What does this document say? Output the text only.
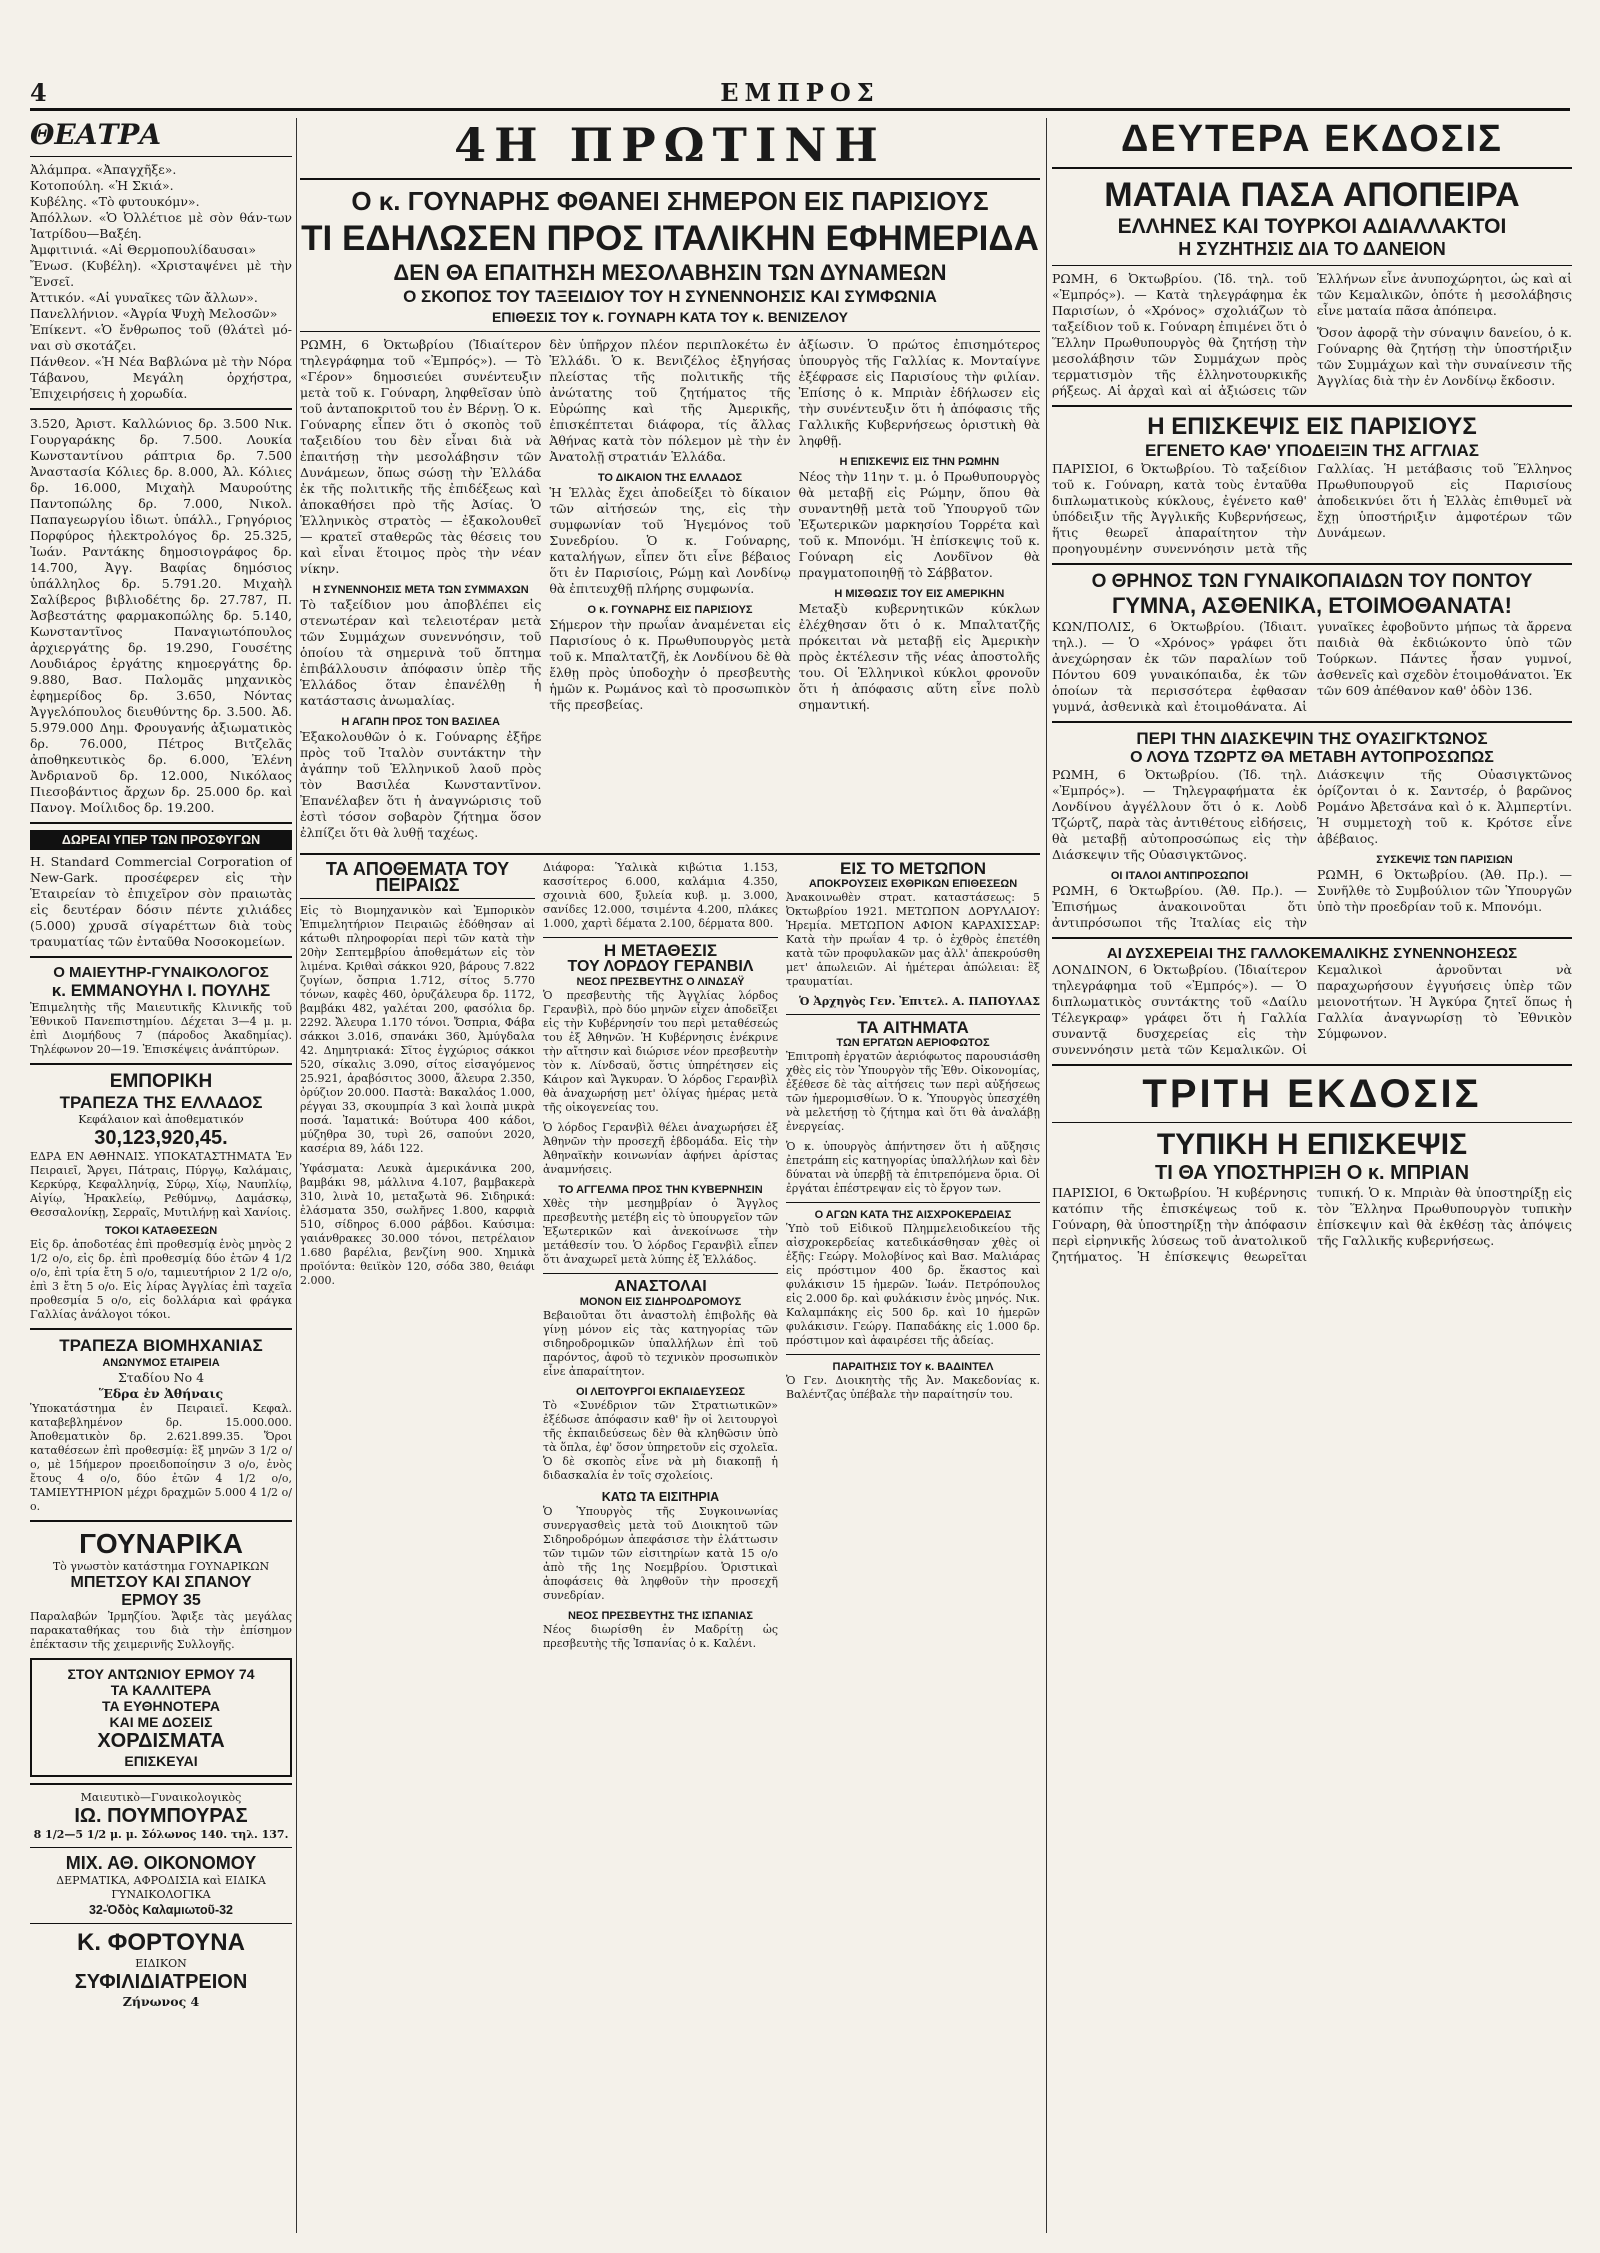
4	ΕΜΠΡΟΣ
ΘΕΑΤΡΑ
Ἀλάμπρα. «Ἀπαγχῆξε».
Κοτοπούλη. «Ἡ Σκιά».
Κυβέλης. «Τὸ φυτουκόμν».
Ἀπόλλων. «Ὁ Ὀλλέτιοε μὲ σὸν θάν-των Ἰατρίδου—Βαξέη.
Ἀμφιτινιά. «Αἱ Θερμοπουλίδαυσαι»
Ἔνωσ. (Κυβέλη). «Χρισταψένει μὲ τὴν Ἔνσεῖ.
Ἀττικόν. «Αἱ γυναῖκες τῶν ἄλλων».
Πανελλήνιον. «Ἀγρία Ψυχὴ Μελοσῶν»
Ἐπίκεντ. «Ὁ ἔνθρωπος τοῦ (θλάτεὶ μό-ναι σὺ σκοτάζει.
Πάνθεον. «Ἡ Νέα Βαβλώνα μὲ τὴν Νόρα Τάβανου, Μεγάλη ὀρχήστρα, Ἐπιχειρήσεις ἡ χορωδία.
3.520, Ἀριστ. Καλλώνιος δρ. 3.500 Νικ. Γουργαράκης δρ. 7.500. Λουκία Κωνσταντίνου ράπτρια δρ. 7.500 Ἀναστασία Κόλιες δρ. 8.000, Ἀλ. Κόλιες δρ. 16.000, Μιχαὴλ Μαυρούτης Παντοπώλης δρ. 7.000, Νικολ. Παπαγεωργίου ἰδιωτ. ὑπάλλ., Γρηγόριος Πορφύρος ἠλεκτρολόγος δρ. 25.325, Ἰωάν. Ραντάκης δημοσιογράφος δρ. 14.700, Ἀγγ. Βαφίας δημόσιος ὑπάλληλος δρ. 5.791.20. Μιχαὴλ Σαλίβερος βιβλιοδέτης δρ. 27.787, Π. Ἀσβεστάτης φαρμακοπώλης δρ. 5.140, Κωνσταντῖνος Παναγιωτόπουλος ἀρχιεργάτης δρ. 19.290, Γουσέτης Λουδιάρος ἐργάτης κημοεργάτης δρ. 9.880, Βασ. Παλομᾶς μηχανικὸς ἐφημερίδος δρ. 3.650, Νόντας Ἀγγελόπουλος διευθύντης δρ. 3.500. Ἀδ. 5.979.000 Δημ. Φρουγανής ἀξιωματικὸς δρ. 76.000, Πέτρος Βιτζελᾶς ἀποθηκευτικὸς δρ. 6.000, Ἐλένη Ἀνδριανοῦ δρ. 12.000, Νικόλαος Πιεσοβάντιος ἄρχων δρ. 25.000 δρ. καὶ Πανογ. Μοίλιδος δρ. 19.200.
ΔΩΡΕΑΙ ΥΠΕΡ ΤΩΝ ΠΡΟΣΦΥΓΩΝ
Η. Standard Commercial Corporation of New-Gark. προσέφερεν εἰς τὴν Ἑταιρείαν τὸ ἐπιχεῖρον σὸν πραιωτὰς εἰς δευτέραν δόσιν πέντε χιλιάδες (5.000) χρυσᾶ σίγαρέττων διὰ τοὺς τραυματίας τῶν ἐνταῦθα Νοσοκομείων.
Ο ΜΑΙΕΥΤΗΡ-ΓΥΝΑΙΚΟΛΟΓΟΣ
κ. ΕΜΜΑΝΟΥΗΛ Ι. ΠΟΥΛΗΣ
Ἐπιμελητὴς τῆς Μαιευτικῆς Κλινικῆς τοῦ Ἐθνικοῦ Πανεπιστημίου. Δέχεται 3—4 μ. μ. ἐπὶ Διομήδους 7 (πάροδος Ἀκαδημίας). Τηλέφωνον 20—19. Ἐπισκέψεις ἀνάπτύρων.
ΕΜΠΟΡΙΚΗ
ΤΡΑΠΕΖΑ ΤΗΣ ΕΛΛΑΔΟΣ
Κεφάλαιον καὶ ἀποθεματικόν
30,123,920,45.
ΕΔΡΑ ΕΝ ΑΘΗΝΑΙΣ. ΥΠΟΚΑΤΑΣΤΗΜΑΤΑ Ἐν Πειραιεῖ, Ἄργει, Πάτραις, Πύργῳ, Καλάμαις, Κερκύρᾳ, Κεφαλληνίᾳ, Σύρῳ, Χίῳ, Ναυπλίῳ, Αἰγίῳ, Ἡρακλείῳ, Ρεθύμνῳ, Δαμάσκῳ, Θεσσαλονίκῃ, Σερραῖς, Μυτιλήνῃ καὶ Χανίοις.
ΤΟΚΟΙ ΚΑΤΑΘΕΣΕΩΝ
Εἰς δρ. ἀποδοτέας ἐπὶ προθεσμίᾳ ἑνὸς μηνὸς 2 1/2 ο/ο, εἰς δρ. ἐπὶ προθεσμίᾳ δύο ἐτῶν 4 1/2 ο/ο, ἐπὶ τρία ἔτη 5 ο/ο, ταμιευτήριον 2 1/2 ο/ο, ἐπὶ 3 ἔτη 5 ο/ο. Εἰς λίρας Ἀγγλίας ἐπὶ ταχεῖα προθεσμία 5 ο/ο, εἰς δολλάρια καὶ φράγκα Γαλλίας ἀνάλογοι τόκοι.
ΤΡΑΠΕΖΑ ΒΙΟΜΗΧΑΝΙΑΣ
ΑΝΩΝΥΜΟΣ ΕΤΑΙΡΕΙΑ
Σταδίου Νο 4
Ἕδρα ἐν Ἀθήναις
Ὑποκατάστημα ἐν Πειραιεῖ. Κεφαλ. καταβεβλημένον δρ. 15.000.000. Ἀποθεματικὸν δρ. 2.621.899.35. Ὅροι καταθέσεων ἐπὶ προθεσμίᾳ: ἓξ μηνῶν 3 1/2 ο/ο, μὲ 15ήμερον προειδοποίησιν 3 ο/ο, ἑνὸς ἔτους 4 ο/ο, δύο ἐτῶν 4 1/2 ο/ο, ΤΑΜΙΕΥΤΗΡΙΟΝ μέχρι δραχμῶν 5.000 4 1/2 ο/ο.
ΓΟΥΝΑΡΙΚΑ
Τὸ γνωστὸν κατάστημα ΓΟΥΝΑΡΙΚΩΝ
ΜΠΕΤΣΟΥ ΚΑΙ ΣΠΑΝΟΥ
ΕΡΜΟΥ 35
Παραλαβών Ἰρμηζίου. Ἄφιξε τὰς μεγάλας παρακαταθήκας του διὰ τὴν ἐπίσημον ἐπέκτασιν τῆς χειμερινῆς Συλλογῆς.
ΣΤΟΥ ΑΝΤΩΝΙΟΥ ΕΡΜΟΥ 74
ΤΑ ΚΑΛΛΙΤΕΡΑ
ΤΑ ΕΥΘΗΝΟΤΕΡΑ
ΚΑΙ ΜΕ ΔΟΣΕΙΣ
ΧΟΡΔΙΣΜΑΤΑ
ΕΠΙΣΚΕΥΑΙ
Μαιευτικὸ—Γυναικολογικὸς
ΙΩ. ΠΟΥΜΠΟΥΡΑΣ
8 1/2—5 1/2 μ. μ. Σόλωνος 140. τηλ. 137.
ΜΙΧ. ΑΘ. ΟΙΚΟΝΟΜΟΥ
ΔΕΡΜΑΤΙΚΑ, ΑΦΡΟΔΙΣΙΑ καὶ ΕΙΔΙΚΑ ΓΥΝΑΙΚΟΛΟΓΙΚΑ
32-Ὁδὸς Καλαμιωτοῦ-32
Κ. ΦΟΡΤΟΥΝΑ
ΕΙΔΙΚΟΝ
ΣΥΦΙΛΙΔΙΑΤΡΕΙΟΝ
Ζήνωνος 4
4Η ΠΡΩΤΙΝΗ
Ο κ. ΓΟΥΝΑΡΗΣ ΦΘΑΝΕΙ ΣΗΜΕΡΟΝ ΕΙΣ ΠΑΡΙΣΙΟΥΣ
ΤΙ ΕΔΗΛΩΣΕΝ ΠΡΟΣ ΙΤΑΛΙΚΗΝ ΕΦΗΜΕΡΙΔΑ
ΔΕΝ ΘΑ ΕΠΑΙΤΗΣΗ ΜΕΣΟΛΑΒΗΣΙΝ ΤΩΝ ΔΥΝΑΜΕΩΝ
Ο ΣΚΟΠΟΣ ΤΟΥ ΤΑΞΕΙΔΙΟΥ ΤΟΥ Η ΣΥΝΕΝΝΟΗΣΙΣ ΚΑΙ ΣΥΜΦΩΝΙΑ
ΕΠΙΘΕΣΙΣ ΤΟΥ κ. ΓΟΥΝΑΡΗ ΚΑΤΑ ΤΟΥ κ. ΒΕΝΙΖΕΛΟΥ

ΡΩΜΗ, 6 Ὀκτωβρίου (Ἰδιαίτερον τηλεγράφημα τοῦ «Ἐμπρός»). — Τὸ «Γέρον» δημοσιεύει συνέντευξιν μετὰ τοῦ κ. Γούναρη, ληφθεῖσαν ὑπὸ τοῦ ἀνταποκριτοῦ του ἐν Βέρνῃ. Ὁ κ. Γούναρης εἶπεν ὅτι ὁ σκοπὸς τοῦ ταξειδίου του δὲν εἶναι διὰ νὰ ἐπαιτήσῃ τὴν μεσολάβησιν τῶν Δυνάμεων, ὅπως σώσῃ τὴν Ἑλλάδα ἐκ τῆς πολιτικῆς τῆς ἐπιδέξεως καὶ ἀποκαθήσει πρὸ τῆς Ἀσίας. Ὁ Ἑλληνικὸς στρατὸς — ἐξακολουθεῖ — κρατεῖ σταθερῶς τὰς θέσεις του καὶ εἶναι ἕτοιμος πρὸς τὴν νέαν νίκην.

Η ΣΥΝΕΝΝΟΗΣΙΣ ΜΕΤΑ ΤΩΝ ΣΥΜΜΑΧΩΝ

Τὸ ταξείδιον μου ἀποβλέπει εἰς στενωτέραν καὶ τελειοτέραν μετὰ τῶν Συμμάχων συνεννόησιν, τοῦ ὁποίου τὰ σημερινὰ τοῦ ὄπτημα ἐπιβάλλουσιν ἀπόφασιν ὑπὲρ τῆς Ἑλλάδος ὅταν ἐπανέλθῃ ἡ κατάστασις ἀνωμαλίας.

Η ΑΓΑΠΗ ΠΡΟΣ ΤΟΝ ΒΑΣΙΛΕΑ

Ἐξακολουθῶν ὁ κ. Γούναρης ἐξῆρε πρὸς τοῦ Ἰταλὸν συντάκτην τὴν ἀγάπην τοῦ Ἑλληνικοῦ λαοῦ πρὸς τὸν Βασιλέα Κωνσταντῖνον. Ἐπανέλαβεν ὅτι ἡ ἀναγνώρισις τοῦ ἐστὶ τόσον σοβαρὸν ζήτημα ὅσον ἐλπίζει ὅτι θὰ λυθῇ ταχέως.

δὲν ὑπῆρχον πλέον περιπλοκέτω ἐν Ἑλλάδι. Ὁ κ. Βενιζέλος ἐξηγήσας πλείστας τῆς πολιτικῆς τῆς ἀνώτατης τοῦ ζητήματος τῆς Εὐρώπης καὶ τῆς Ἀμερικῆς, ἐπισκέπτεται διάφορα, τίς ἄλλας Ἀθήνας κατὰ τὸν πόλεμον μὲ τὴν ἐν Ἀνατολῇ στρατιάν Ἑλλάδα.

ΤΟ ΔΙΚΑΙΟΝ ΤΗΣ ΕΛΛΑΔΟΣ

Ἡ Ἑλλὰς ἔχει ἀποδείξει τὸ δίκαιον τῶν αἰτήσεών της, εἰς τὴν συμφωνίαν τοῦ Ἡγεμόνος τοῦ Συνεδρίου. Ὁ κ. Γούναρης, καταλήγων, εἶπεν ὅτι εἶνε βέβαιος ὅτι ἐν Παρισίοις, Ρώμῃ καὶ Λονδίνῳ θὰ ἐπιτευχθῇ πλήρης συμφωνία.

Ο κ. ΓΟΥΝΑΡΗΣ ΕΙΣ ΠΑΡΙΣΙΟΥΣ

Σήμερον τὴν πρωΐαν ἀναμένεται εἰς Παρισίους ὁ κ. Πρωθυπουργὸς μετὰ τοῦ κ. Μπαλτατζῆ, ἐκ Λονδίνου δὲ θὰ ἔλθῃ πρὸς ὑποδοχὴν ὁ πρεσβευτὴς ἡμῶν κ. Ρωμάνος καὶ τὸ προσωπικὸν τῆς πρεσβείας.

ἀξίωσιν. Ὁ πρώτος ἐπισημότερος ὑπουργὸς τῆς Γαλλίας κ. Μονταίγνε ἐξέφρασε εἰς Παρισίους τὴν φιλίαν. Ἐπίσης ὁ κ. Μπριὰν ἐδήλωσεν εἰς τὴν συνέντευξιν ὅτι ἡ ἀπόφασις τῆς Γαλλικῆς Κυβερνήσεως ὁριστικὴ θὰ ληφθῇ.

Η ΕΠΙΣΚΕΨΙΣ ΕΙΣ ΤΗΝ ΡΩΜΗΝ

Νέος τὴν 11ην τ. μ. ὁ Πρωθυπουργὸς θὰ μεταβῇ εἰς Ρώμην, ὅπου θὰ συναντηθῇ μετὰ τοῦ Ὑπουργοῦ τῶν Ἐξωτερικῶν μαρκησίου Τορρέτα καὶ τοῦ κ. Μπονόμι. Ἡ ἐπίσκεψις τοῦ κ. Γούναρη εἰς Λονδῖνον θὰ πραγματοποιηθῇ τὸ Σάββατον.

Η ΜΙΣΘΩΣΙΣ ΤΟΥ ΕΙΣ ΑΜΕΡΙΚΗΝ

Μεταξὺ κυβερνητικῶν κύκλων ἐλέχθησαν ὅτι ὁ κ. Μπαλτατζῆς πρόκειται νὰ μεταβῇ εἰς Ἀμερικὴν πρὸς ἐκτέλεσιν τῆς νέας ἀποστολῆς του. Οἱ Ἑλληνικοὶ κύκλοι φρονοῦν ὅτι ἡ ἀπόφασις αὕτη εἶνε πολὺ σημαντική.

ΤΑ ΑΠΟΘΕΜΑΤΑ ΤΟΥ ΠΕΙΡΑΙΩΣ

Εἰς τὸ Βιομηχανικὸν καὶ Ἐμπορικὸν Ἐπιμελητήριον Πειραιῶς ἐδόθησαν αἱ κάτωθι πληροφορίαι περὶ τῶν κατὰ τὴν 20ὴν Σεπτεμβρίου ἀποθεμάτων εἰς τὸν λιμένα. Κριθαὶ σάκκοι 920, βάρους 7.822 ζυγίων, ὄσπρια 1.712, σίτος 5.770 τόνων, καφὲς 460, ὀρυζάλευρα δρ. 1172, βαμβάκι 482, γαλέται 200, φασόλια δρ. 2292. Ἄλευρα 1.170 τόνοι. Ὄσπρια, Φάβα σάκκοι 3.016, σπανάκι 360, Ἀμύγδαλα 42. Δημητριακά: Σῖτος ἐγχώριος σάκκοι 520, σίκαλις 3.090, σίτος εἰσαγόμενος 25.921, ἀραβόσιτος 3000, ἄλευρα 2.350, ὀρύζιον 20.000. Παστὰ: Βακαλάος 1.000, ρέγγαι 33, σκουμπρία 3 καὶ λοιπὰ μικρὰ ποσά. Ἰαματικά: Βούτυρα 400 κάδοι, μύζηθρα 30, τυρὶ 26, σαπούνι 2020, κασέρια 89, λάδι 122.

Ὑφάσματα: Λευκὰ ἀμερικάνικα 200, βαμβάκι 98, μάλλινα 4.107, βαμβακερὰ 310, λινὰ 10, μεταξωτὰ 96. Σιδηρικά: ἐλάσματα 350, σωλῆνες 1.800, καρφιὰ 510, σίδηρος 6.000 ράβδοι. Καύσιμα: γαιάνθρακες 30.000 τόνοι, πετρέλαιον 1.680 βαρέλια, βενζίνη 900. Χημικὰ προϊόντα: θειϊκὸν 120, σόδα 380, θειάφι 2.000.

Διάφορα: Ὑαλικὰ κιβώτια 1.153, κασσίτερος 6.000, καλάμια 4.350, σχοινιὰ 600, ξυλεία κυβ. μ. 3.000, σανίδες 12.000, τσιμέντα 4.200, πλάκες 1.000, χαρτὶ δέματα 2.100, δέρματα 800.

Η ΜΕΤΑΘΕΣΙΣ
ΤΟΥ ΛΟΡΔΟΥ ΓΕΡΑΝΒΙΛ
ΝΕΟΣ ΠΡΕΣΒΕΥΤΗΣ Ο ΛΙΝΔΣΑΫ

Ὁ πρεσβευτὴς τῆς Ἀγγλίας λόρδος Γερανβὶλ, πρὸ δύο μηνῶν εἶχεν ἀποδεῖξει εἰς τὴν Κυβέρνησίν του περὶ μεταθέσεώς του ἐξ Ἀθηνῶν. Ἡ Κυβέρνησις ἐνέκρινε τὴν αἴτησιν καὶ διώρισε νέον πρεσβευτὴν τὸν κ. Λίνδσαϋ, ὅστις ὑπηρέτησεν εἰς Κάιρον καὶ Ἄγκυραν. Ὁ λόρδος Γερανβὶλ θὰ ἀναχωρήσῃ μετ' ὀλίγας ἡμέρας μετὰ τῆς οἰκογενείας του.

Ὁ λόρδος Γερανβὶλ θέλει ἀναχωρήσει ἐξ Ἀθηνῶν τὴν προσεχῆ ἑβδομάδα. Εἰς τὴν Ἀθηναϊκὴν κοινωνίαν ἀφήνει ἀρίστας ἀναμνήσεις.

ΤΟ ΑΓΓΕΛΜΑ ΠΡΟΣ ΤΗΝ ΚΥΒΕΡΝΗΣΙΝ

Χθὲς τὴν μεσημβρίαν ὁ Ἄγγλος πρεσβευτὴς μετέβη εἰς τὸ ὑπουργεῖον τῶν Ἐξωτερικῶν καὶ ἀνεκοίνωσε τὴν μετάθεσίν του. Ὁ λόρδος Γερανβὶλ εἶπεν ὅτι ἀναχωρεῖ μετὰ λύπης ἐξ Ἑλλάδος.

ΑΝΑΣΤΟΛΑΙ
ΜΟΝΟΝ ΕΙΣ ΣΙΔΗΡΟΔΡΟΜΟΥΣ

Βεβαιοῦται ὅτι ἀναστολὴ ἐπιβολῆς θὰ γίνῃ μόνον εἰς τὰς κατηγορίας τῶν σιδηροδρομικῶν ὑπαλλήλων ἐπὶ τοῦ παρόντος, ἀφοῦ τὸ τεχνικὸν προσωπικὸν εἶνε ἀπαραίτητον.

ΟΙ ΛΕΙΤΟΥΡΓΟΙ ΕΚΠΑΙΔΕΥΣΕΩΣ

Τὸ «Συνέδριον τῶν Στρατιωτικῶν» ἐξέδωσε ἀπόφασιν καθ' ἣν οἱ λειτουργοὶ τῆς ἐκπαιδεύσεως δὲν θὰ κληθῶσιν ὑπὸ τὰ ὅπλα, ἐφ' ὅσον ὑπηρετοῦν εἰς σχολεῖα. Ὁ δὲ σκοπὸς εἶνε νὰ μὴ διακοπῇ ἡ διδασκαλία ἐν τοῖς σχολείοις.

ΚΑΤΩ ΤΑ ΕΙΣΙΤΗΡΙΑ

Ὁ Ὑπουργὸς τῆς Συγκοινωνίας συνεργασθεὶς μετὰ τοῦ Διοικητοῦ τῶν Σιδηροδρόμων ἀπεφάσισε τὴν ἐλάττωσιν τῶν τιμῶν τῶν εἰσιτηρίων κατὰ 15 ο/ο ἀπὸ τῆς 1ης Νοεμβρίου. Ὁριστικαὶ ἀποφάσεις θὰ ληφθοῦν τὴν προσεχῆ συνεδρίαν.

ΝΕΟΣ ΠΡΕΣΒΕΥΤΗΣ ΤΗΣ ΙΣΠΑΝΙΑΣ

Νέος διωρίσθη ἐν Μαδρίτῃ ὡς πρεσβευτὴς τῆς Ἰσπανίας ὁ κ. Καλένι.

ΕΙΣ ΤΟ ΜΕΤΩΠΟΝ
ΑΠΟΚΡΟΥΣΕΙΣ ΕΧΘΡΙΚΩΝ ΕΠΙΘΕΣΕΩΝ

Ἀνακοινωθὲν στρατ. καταστάσεως: 5 Ὀκτωβρίου 1921. ΜΕΤΩΠΟΝ ΔΟΡΥΛΑΙΟΥ: Ἡρεμία. ΜΕΤΩΠΟΝ ΑΦΙΟΝ ΚΑΡΑΧΙΣΣΑΡ: Κατὰ τὴν πρωΐαν 4 τρ. ὁ ἐχθρὸς ἐπετέθη κατὰ τῶν προφυλακῶν μας ἀλλ' ἀπεκρούσθη μετ' ἀπωλειῶν. Αἱ ἡμέτεραι ἀπώλειαι: ἓξ τραυματίαι.

Ὁ Ἀρχηγὸς Γεν. Ἐπιτελ. Α. ΠΑΠΟΥΛΑΣ
ΤΑ ΑΙΤΗΜΑΤΑ
ΤΩΝ ΕΡΓΑΤΩΝ ΑΕΡΙΟΦΩΤΟΣ

Ἐπιτροπὴ ἐργατῶν ἀεριόφωτος παρουσιάσθη χθὲς εἰς τὸν Ὑπουργὸν τῆς Ἐθν. Οἰκονομίας, ἐξέθεσε δὲ τὰς αἰτήσεις των περὶ αὐξήσεως τῶν ἡμερομισθίων. Ὁ κ. Ὑπουργὸς ὑπεσχέθη νὰ μελετήσῃ τὸ ζήτημα καὶ ὅτι θὰ ἀναλάβῃ ἐνεργείας.

Ὁ κ. ὑπουργὸς ἀπήντησεν ὅτι ἡ αὔξησις ἐπετράπη εἰς κατηγορίας ὑπαλλήλων καὶ δὲν δύναται νὰ ὑπερβῇ τὰ ἐπιτρεπόμενα ὅρια. Οἱ ἐργάται ἐπέστρεψαν εἰς τὸ ἔργον των.

Ο ΑΓΩΝ ΚΑΤΑ ΤΗΣ ΑΙΣΧΡΟΚΕΡΔΕΙΑΣ

Ὑπὸ τοῦ Εἰδικοῦ Πλημμελειοδικείου τῆς αἰσχροκερδείας κατεδικάσθησαν χθὲς οἱ ἑξῆς: Γεώργ. Μολοβίνος καὶ Βασ. Μαλιάρας εἰς πρόστιμον 400 δρ. ἕκαστος καὶ φυλάκισιν 15 ἡμερῶν. Ἰωάν. Πετρόπουλος εἰς 2.000 δρ. καὶ φυλάκισιν ἑνὸς μηνός. Νικ. Καλαμπάκης εἰς 500 δρ. καὶ 10 ἡμερῶν φυλάκισιν. Γεώργ. Παπαδάκης εἰς 1.000 δρ. πρόστιμον καὶ ἀφαιρέσει τῆς ἀδείας.

ΠΑΡΑΙΤΗΣΙΣ ΤΟΥ κ. ΒΑΔΙΝΤΕΛ

Ὁ Γεν. Διοικητὴς τῆς Ἀν. Μακεδονίας κ. Βαλέντζας ὑπέβαλε τὴν παραίτησίν του.

ΔΕΥΤΕΡΑ ΕΚΔΟΣΙΣ
ΜΑΤΑΙΑ ΠΑΣΑ ΑΠΟΠΕΙΡΑ
ΕΛΛΗΝΕΣ ΚΑΙ ΤΟΥΡΚΟΙ ΑΔΙΑΛΛΑΚΤΟΙ
Η ΣΥΖΗΤΗΣΙΣ ΔΙΑ ΤΟ ΔΑΝΕΙΟΝ

ΡΩΜΗ, 6 Ὀκτωβρίου. (Ἰδ. τηλ. τοῦ «Ἐμπρός»). — Κατὰ τηλεγράφημα ἐκ Παρισίων, ὁ «Χρόνος» σχολιάζων τὸ ταξείδιον τοῦ κ. Γούναρη ἐπιμένει ὅτι ὁ Ἕλλην Πρωθυπουργὸς θὰ ζητήσῃ τὴν μεσολάβησιν τῶν Συμμάχων πρὸς τερματισμὸν τῆς ἑλληνοτουρκικῆς ρήξεως. Αἱ ἀρχαὶ καὶ αἱ ἀξιώσεις τῶν Ἑλλήνων εἶνε ἀνυποχώρητοι, ὡς καὶ αἱ τῶν Κεμαλικῶν, ὁπότε ἡ μεσολάβησις εἶνε ματαία πᾶσα ἀπόπειρα.

Ὅσον ἀφορᾷ τὴν σύναψιν δανείου, ὁ κ. Γούναρης θὰ ζητήσῃ τὴν ὑποστήριξιν τῶν Συμμάχων καὶ τὴν συναίνεσιν τῆς Ἀγγλίας διὰ τὴν ἐν Λονδίνῳ ἔκδοσιν.

Η ΕΠΙΣΚΕΨΙΣ ΕΙΣ ΠΑΡΙΣΙΟΥΣ
ΕΓΕΝΕΤΟ ΚΑΘ' ΥΠΟΔΕΙΞΙΝ ΤΗΣ ΑΓΓΛΙΑΣ

ΠΑΡΙΣΙΟΙ, 6 Ὀκτωβρίου. Τὸ ταξείδιον τοῦ κ. Γούναρη, κατὰ τοὺς ἐνταῦθα διπλωματικοὺς κύκλους, ἐγένετο καθ' ὑπόδειξιν τῆς Ἀγγλικῆς Κυβερνήσεως, ἥτις θεωρεῖ ἀπαραίτητον τὴν προηγουμένην συνεννόησιν μετὰ τῆς Γαλλίας. Ἡ μετάβασις τοῦ Ἕλληνος Πρωθυπουργοῦ εἰς Παρισίους ἀποδεικνύει ὅτι ἡ Ἑλλὰς ἐπιθυμεῖ νὰ ἔχῃ ὑποστήριξιν ἀμφοτέρων τῶν Δυνάμεων.

Ο ΘΡΗΝΟΣ ΤΩΝ ΓΥΝΑΙΚΟΠΑΙΔΩΝ ΤΟΥ ΠΟΝΤΟΥ
ΓΥΜΝΑ, ΑΣΘΕΝΙΚΑ, ΕΤΟΙΜΟΘΑΝΑΤΑ!

ΚΩΝ/ΠΟΛΙΣ, 6 Ὀκτωβρίου. (Ἰδιαιτ. τηλ.). — Ὁ «Χρόνος» γράφει ὅτι ἀνεχώρησαν ἐκ τῶν παραλίων τοῦ Πόντου 609 γυναικόπαιδα, ἐκ τῶν ὁποίων τὰ περισσότερα ἐφθασαν γυμνά, ἀσθενικὰ καὶ ἑτοιμοθάνατα. Αἱ γυναῖκες ἐφοβοῦντο μήπως τὰ ἄρρενα παιδιὰ θὰ ἐκδιώκοντο ὑπὸ τῶν Τούρκων. Πάντες ἦσαν γυμνοί, ἀσθενεῖς καὶ σχεδὸν ἑτοιμοθάνατοι. Ἐκ τῶν 609 ἀπέθανον καθ' ὁδὸν 136.

ΠΕΡΙ ΤΗΝ ΔΙΑΣΚΕΨΙΝ ΤΗΣ ΟΥΑΣΙΓΚΤΩΝΟΣ
Ο ΛΟΥΔ ΤΖΩΡΤΖ ΘΑ ΜΕΤΑΒΗ ΑΥΤΟΠΡΟΣΩΠΩΣ

ΡΩΜΗ, 6 Ὀκτωβρίου. (Ἰδ. τηλ. «Ἐμπρός»). — Τηλεγραφήματα ἐκ Λονδίνου ἀγγέλλουν ὅτι ὁ κ. Λοὺδ Τζώρτζ, παρὰ τὰς ἀντιθέτους εἰδήσεις, θὰ μεταβῇ αὐτοπροσώπως εἰς τὴν Διάσκεψιν τῆς Οὐασιγκτῶνος.

ΟΙ ΙΤΑΛΟΙ ΑΝΤΙΠΡΟΣΩΠΟΙ

ΡΩΜΗ, 6 Ὀκτωβρίου. (Ἀθ. Πρ.). — Ἐπισήμως ἀνακοινοῦται ὅτι ἀντιπρόσωποι τῆς Ἰταλίας εἰς τὴν Διάσκεψιν τῆς Οὐασιγκτῶνος ὁρίζονται ὁ κ. Σαντσέρ, ὁ βαρῶνος Ρομάνο Ἀβετσάνα καὶ ὁ κ. Ἀλμπερτίνι. Ἡ συμμετοχὴ τοῦ κ. Κρότσε εἶνε ἀβέβαιος.

ΣΥΣΚΕΨΙΣ ΤΩΝ ΠΑΡΙΣΙΩΝ

ΡΩΜΗ, 6 Ὀκτωβρίου. (Ἀθ. Πρ.). — Συνῆλθε τὸ Συμβούλιον τῶν Ὑπουργῶν ὑπὸ τὴν προεδρίαν τοῦ κ. Μπονόμι.

ΑΙ ΔΥΣΧΕΡΕΙΑΙ ΤΗΣ ΓΑΛΛΟΚΕΜΑΛΙΚΗΣ ΣΥΝΕΝΝΟΗΣΕΩΣ

ΛΟΝΔΙΝΟΝ, 6 Ὀκτωβρίου. (Ἰδιαίτερον τηλεγράφημα τοῦ «Ἐμπρός»). — Ὁ διπλωματικὸς συντάκτης τοῦ «Δαίλυ Τέλεγκραφ» γράφει ὅτι ἡ Γαλλία συναντᾷ δυσχερείας εἰς τὴν συνεννόησιν μετὰ τῶν Κεμαλικῶν. Οἱ Κεμαλικοὶ ἀρνοῦνται νὰ παραχωρήσουν ἐγγυήσεις ὑπὲρ τῶν μειονοτήτων. Ἡ Ἀγκύρα ζητεῖ ὅπως ἡ Γαλλία ἀναγνωρίσῃ τὸ Ἐθνικὸν Σύμφωνον.

ΤΡΙΤΗ ΕΚΔΟΣΙΣ
ΤΥΠΙΚΗ Η ΕΠΙΣΚΕΨΙΣ
ΤΙ ΘΑ ΥΠΟΣΤΗΡΙΞΗ Ο κ. ΜΠΡΙΑΝ

ΠΑΡΙΣΙΟΙ, 6 Ὀκτωβρίου. Ἡ κυβέρνησις κατόπιν τῆς ἐπισκέψεως τοῦ κ. Γούναρη, θὰ ὑποστηρίξῃ τὴν ἀπόφασιν περὶ εἰρηνικῆς λύσεως τοῦ ἀνατολικοῦ ζητήματος. Ἡ ἐπίσκεψις θεωρεῖται τυπική. Ὁ κ. Μπριὰν θὰ ὑποστηρίξῃ εἰς τὸν Ἕλληνα Πρωθυπουργὸν τυπικὴν ἐπίσκεψιν καὶ θὰ ἐκθέσῃ τὰς ἀπόψεις τῆς Γαλλικῆς κυβερνήσεως.
